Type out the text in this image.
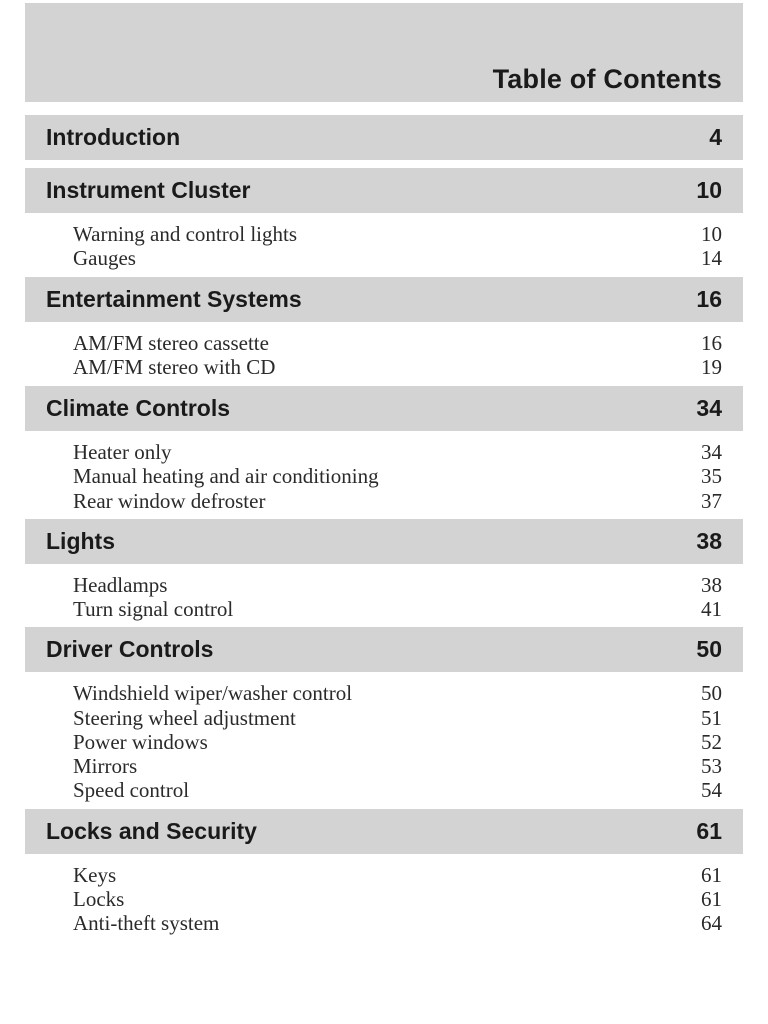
Table of Contents
Introduction	4
Instrument Cluster	10
Warning and control lights	10
Gauges	14
Entertainment Systems	16
AM/FM stereo cassette	16
AM/FM stereo with CD	19
Climate Controls	34
Heater only	34
Manual heating and air conditioning	35
Rear window defroster	37
Lights	38
Headlamps	38
Turn signal control	41
Driver Controls	50
Windshield wiper/washer control	50
Steering wheel adjustment	51
Power windows	52
Mirrors	53
Speed control	54
Locks and Security	61
Keys	61
Locks	61
Anti-theft system	64
